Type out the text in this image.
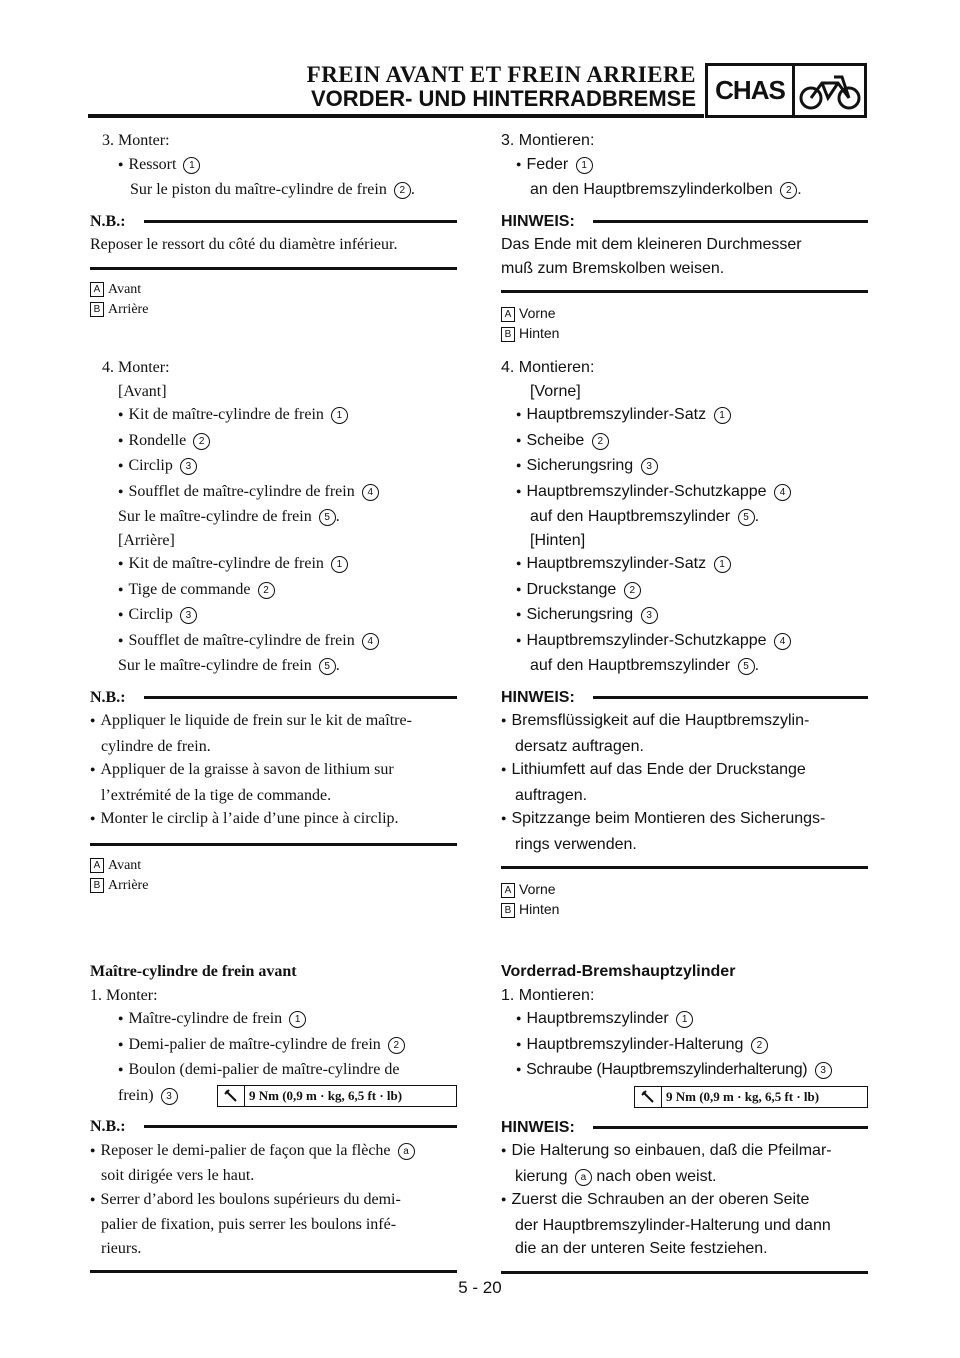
FREIN AVANT ET FREIN ARRIERE
VORDER- UND HINTERRADBREMSE CHAS
3. Monter:
● Ressort 1
Sur le piston du maître-cylindre de frein 2 .
N.B.:
Reposer le ressort du côté du diamètre inférieur.
A Avant
B Arrière
4. Monter:
[Avant]
● Kit de maître-cylindre de frein 1
● Rondelle 2
● Circlip 3
● Soufflet de maître-cylindre de frein 4
Sur le maître-cylindre de frein 5 .
[Arrière]
● Kit de maître-cylindre de frein 1
● Tige de commande 2
● Circlip 3
● Soufflet de maître-cylindre de frein 4
Sur le maître-cylindre de frein 5 .
N.B.:
● Appliquer le liquide de frein sur le kit de maître-
cylindre de frein.
● Appliquer de la graisse à savon de lithium sur
l’extrémité de la tige de commande.
● Monter le circlip à l’aide d’une pince à circlip.
A Avant
B Arrière
Maître-cylindre de frein avant
1. Monter:
● Maître-cylindre de frein 1
● Demi-palier de maître-cylindre de frein 2
● Boulon (demi-palier de maître-cylindre de
frein) 3	9 Nm (0,9 m · kg, 6,5 ft · lb)
N.B.:
● Reposer le demi-palier de façon que la flèche a
soit dirigée vers le haut.
● Serrer d’abord les boulons supérieurs du demi-
palier de fixation, puis serrer les boulons infé-
rieurs.
3. Montieren:
● Feder 1
an den Hauptbremszylinderkolben 2 .
HINWEIS:
Das Ende mit dem kleineren Durchmesser
muß zum Bremskolben weisen.
A Vorne
B Hinten
4. Montieren:
[Vorne]
● Hauptbremszylinder-Satz 1
● Scheibe 2
● Sicherungsring 3
● Hauptbremszylinder-Schutzkappe 4
auf den Hauptbremszylinder 5 .
[Hinten]
● Hauptbremszylinder-Satz 1
● Druckstange 2
● Sicherungsring 3
● Hauptbremszylinder-Schutzkappe 4
auf den Hauptbremszylinder 5 .
HINWEIS:
● Bremsflüssigkeit auf die Hauptbremszylin-
dersatz auftragen.
● Lithiumfett auf das Ende der Druckstange
auftragen.
● Spitzzange beim Montieren des Sicherungs-
rings verwenden.
A Vorne
B Hinten
Vorderrad-Bremshauptzylinder
1. Montieren:
● Hauptbremszylinder 1
● Hauptbremszylinder-Halterung 2
● Schraube (Hauptbremszylinderhalterung) 3
9 Nm (0,9 m · kg, 6,5 ft · lb)
HINWEIS:
● Die Halterung so einbauen, daß die Pfeilmar-
kierung a nach oben weist.
● Zuerst die Schrauben an der oberen Seite
der Hauptbremszylinder-Halterung und dann
die an der unteren Seite festziehen.
5 - 20
